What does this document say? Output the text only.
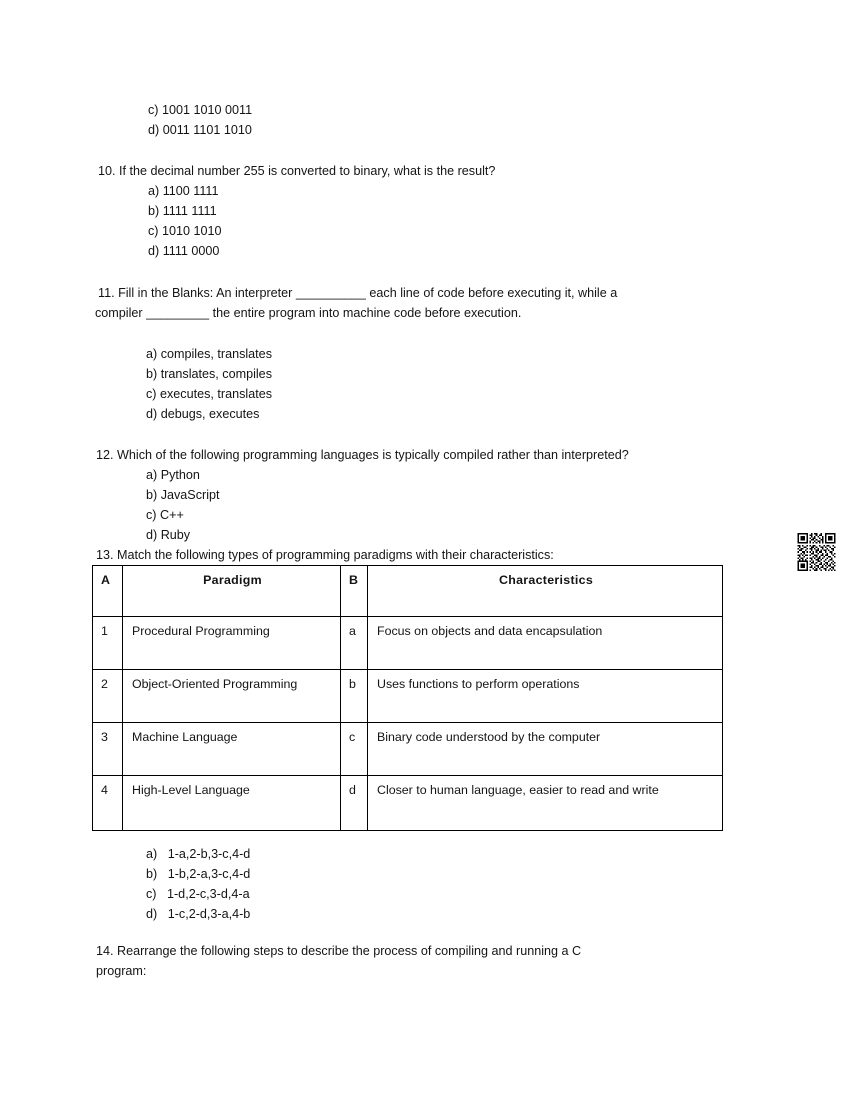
c) 1001 1010 0011
d) 0011 1101 1010
10. If the decimal number 255 is converted to binary, what is the result?
a) 1100 1111
b) 1111 1111
c) 1010 1010
d) 1111 0000
11. Fill in the Blanks: An interpreter __________ each line of code before executing it, while a
compiler _________ the entire program into machine code before execution.
a) compiles, translates
b) translates, compiles
c) executes, translates
d) debugs, executes
12. Which of the following programming languages is typically compiled rather than interpreted?
a) Python
b) JavaScript
c) C++
d) Ruby
13. Match the following types of programming paradigms with their characteristics:
A	Paradigm	B	Characteristics
1	Procedural Programming	a	Focus on objects and data encapsulation
2	Object-Oriented Programming	b	Uses functions to perform operations
3	Machine Language	c	Binary code understood by the computer
4	High-Level Language	d	Closer to human language, easier to read and write
a)   1-a,2-b,3-c,4-d
b)   1-b,2-a,3-c,4-d
c)   1-d,2-c,3-d,4-a
d)   1-c,2-d,3-a,4-b
14. Rearrange the following steps to describe the process of compiling and running a C
program:
